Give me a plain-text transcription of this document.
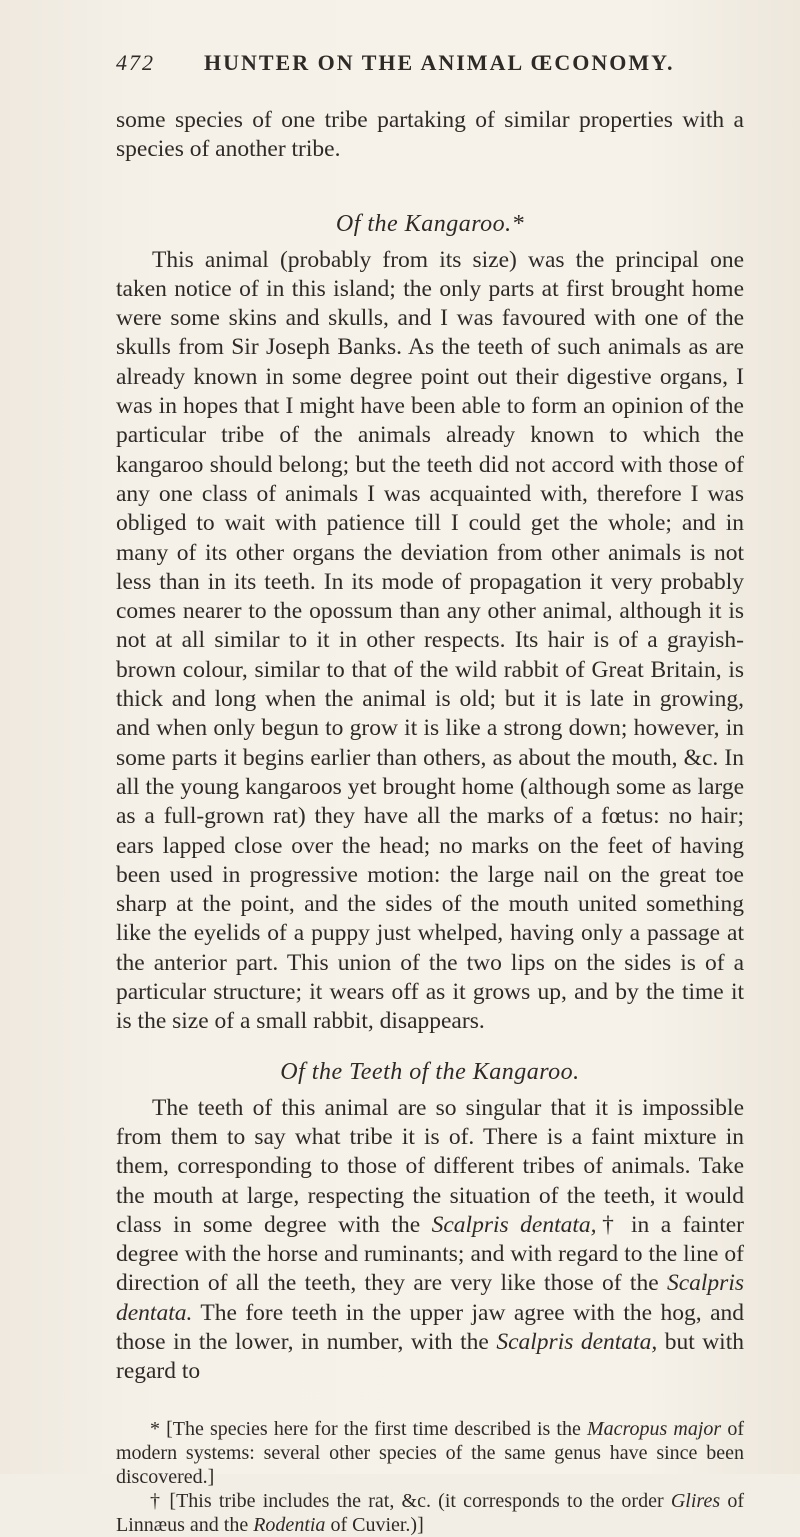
472 HUNTER ON THE ANIMAL ŒCONOMY.

some species of one tribe partaking of similar properties with a species of another tribe.

Of the Kangaroo.*

This animal (probably from its size) was the principal one taken notice of in this island; the only parts at first brought home were some skins and skulls, and I was favoured with one of the skulls from Sir Joseph Banks. As the teeth of such animals as are already known in some degree point out their digestive organs, I was in hopes that I might have been able to form an opinion of the particular tribe of the animals already known to which the kangaroo should belong; but the teeth did not accord with those of any one class of animals I was acquainted with, therefore I was obliged to wait with patience till I could get the whole; and in many of its other organs the deviation from other animals is not less than in its teeth. In its mode of propagation it very probably comes nearer to the opossum than any other animal, although it is not at all similar to it in other respects. Its hair is of a grayish-brown colour, similar to that of the wild rabbit of Great Britain, is thick and long when the animal is old; but it is late in growing, and when only begun to grow it is like a strong down; however, in some parts it begins earlier than others, as about the mouth, &c. In all the young kangaroos yet brought home (although some as large as a full-grown rat) they have all the marks of a fœtus: no hair; ears lapped close over the head; no marks on the feet of having been used in progressive motion: the large nail on the great toe sharp at the point, and the sides of the mouth united something like the eyelids of a puppy just whelped, having only a passage at the anterior part. This union of the two lips on the sides is of a particular structure; it wears off as it grows up, and by the time it is the size of a small rabbit, disappears.

Of the Teeth of the Kangaroo.

The teeth of this animal are so singular that it is impossible from them to say what tribe it is of. There is a faint mixture in them, corresponding to those of different tribes of animals. Take the mouth at large, respecting the situation of the teeth, it would class in some degree with the Scalpris dentata,† in a fainter degree with the horse and ruminants; and with regard to the line of direction of all the teeth, they are very like those of the Scalpris dentata. The fore teeth in the upper jaw agree with the hog, and those in the lower, in number, with the Scalpris dentata, but with regard to

* [The species here for the first time described is the Macropus major of modern systems: several other species of the same genus have since been discovered.]

† [This tribe includes the rat, &c. (it corresponds to the order Glires of Linnæus and the Rodentia of Cuvier.)]
